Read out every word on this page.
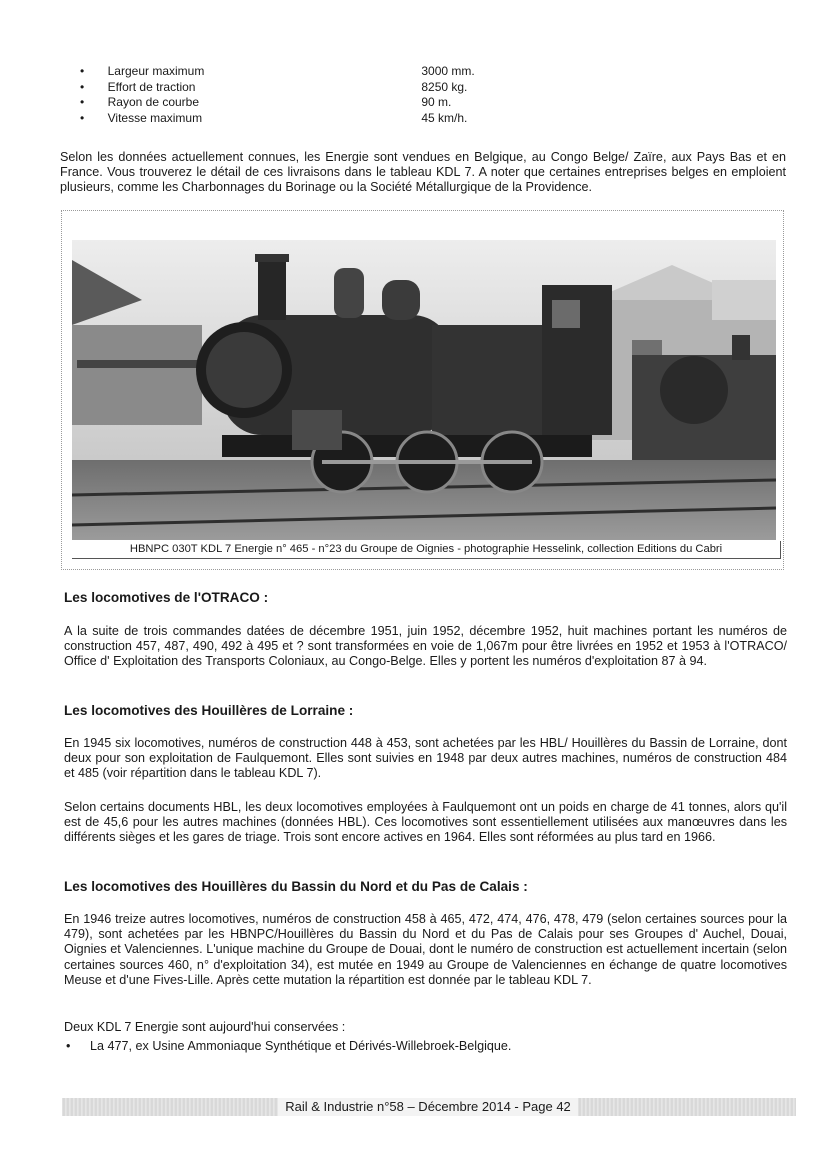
•	Largeur maximum	3000 mm.
•	Effort de traction	8250 kg.
•	Rayon de courbe	90 m.
•	Vitesse maximum	45 km/h.

Selon les données actuellement connues, les Energie sont vendues en Belgique, au Congo Belge/ Zaïre, aux Pays Bas et en France. Vous trouverez le détail de ces livraisons dans le tableau KDL 7. A noter que certaines entreprises belges en emploient plusieurs, comme les Charbonnages du Borinage ou la Société Métallurgique de la Providence.

HBNPC 030T KDL 7 Energie n° 465 - n°23 du Groupe de Oignies - photographie Hesselink, collection Editions du Cabri
Les locomotives de l'OTRACO :

A la suite de trois commandes datées de décembre 1951, juin 1952, décembre 1952, huit machines portant les numéros de construction 457, 487, 490, 492 à 495 et ? sont transformées en voie de 1,067m pour être livrées en 1952 et 1953 à l'OTRACO/ Office d' Exploitation des Transports Coloniaux, au Congo-Belge. Elles y portent les numéros d'exploitation 87 à 94.

Les locomotives des Houillères de Lorraine :

En 1945 six locomotives, numéros de construction 448 à 453, sont achetées par les HBL/ Houillères du Bassin de Lorraine, dont deux pour son exploitation de Faulquemont. Elles sont suivies en 1948 par deux autres machines, numéros de construction 484 et 485 (voir répartition dans le tableau KDL 7).

Selon certains documents HBL, les deux locomotives employées à Faulquemont ont un poids en charge de 41 tonnes, alors qu'il est de 45,6 pour les autres machines (données HBL). Ces locomotives sont essentiellement utilisées aux manœuvres dans les différents sièges et les gares de triage. Trois sont encore actives en 1964. Elles sont réformées au plus tard en 1966.

Les locomotives des Houillères du Bassin du Nord et du Pas de Calais :

En 1946 treize autres locomotives, numéros de construction 458 à 465, 472, 474, 476, 478, 479 (selon certaines sources pour la 479), sont achetées par les HBNPC/Houillères du Bassin du Nord et du Pas de Calais pour ses Groupes d' Auchel, Douai, Oignies et Valenciennes. L'unique machine du Groupe de Douai, dont le numéro de construction est actuellement incertain (selon certaines sources 460, n° d'exploitation 34), est mutée en 1949 au Groupe de Valenciennes en échange de quatre locomotives Meuse et d'une Fives-Lille. Après cette mutation la répartition est donnée par le tableau KDL 7.

Deux KDL 7 Energie sont aujourd'hui conservées :

•	La 477, ex Usine Ammoniaque Synthétique et Dérivés-Willebroek-Belgique.
Rail & Industrie n°58 – Décembre 2014 - Page 42
